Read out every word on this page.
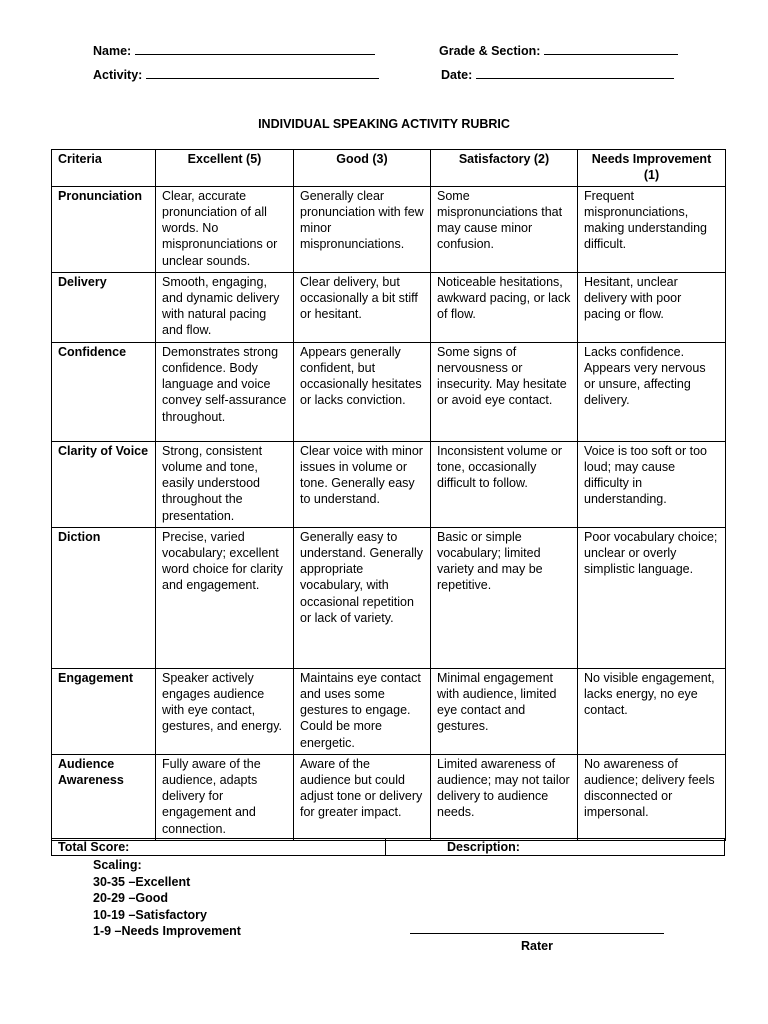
Name:
Activity:
Grade & Section:
Date:
INDIVIDUAL SPEAKING ACTIVITY RUBRIC
Criteria	Excellent (5)	Good (3)	Satisfactory (2)	Needs Improvement (1)
Pronunciation	Clear, accurate pronunciation of all words. No mispronunciations or unclear sounds.	Generally clear pronunciation with few minor mispronunciations.	Some mispronunciations that may cause minor confusion.	Frequent mispronunciations, making understanding difficult.
Delivery	Smooth, engaging, and dynamic delivery with natural pacing and flow.	Clear delivery, but occasionally a bit stiff or hesitant.	Noticeable hesitations, awkward pacing, or lack of flow.	Hesitant, unclear delivery with poor pacing or flow.
Confidence	Demonstrates strong confidence. Body language and voice convey self-assurance throughout.	Appears generally confident, but occasionally hesitates or lacks conviction.	Some signs of nervousness or insecurity. May hesitate or avoid eye contact.	Lacks confidence. Appears very nervous or unsure, affecting delivery.
Clarity of Voice	Strong, consistent volume and tone, easily understood throughout the presentation.	Clear voice with minor issues in volume or tone. Generally easy to understand.	Inconsistent volume or tone, occasionally difficult to follow.	Voice is too soft or too loud; may cause difficulty in understanding.
Diction	Precise, varied vocabulary; excellent word choice for clarity and engagement.	Generally easy to understand. Generally appropriate vocabulary, with occasional repetition or lack of variety.	Basic or simple vocabulary; limited variety and may be repetitive.	Poor vocabulary choice; unclear or overly simplistic language.
Engagement	Speaker actively engages audience with eye contact, gestures, and energy.	Maintains eye contact and uses some gestures to engage. Could be more energetic.	Minimal engagement with audience, limited eye contact and gestures.	No visible engagement, lacks energy, no eye contact.
Audience Awareness	Fully aware of the audience, adapts delivery for engagement and connection.	Aware of the audience but could adjust tone or delivery for greater impact.	Limited awareness of audience; may not tailor delivery to audience needs.	No awareness of audience; delivery feels disconnected or impersonal.
Total Score:	Description:
Scaling:
30-35 –Excellent
20-29 –Good
10-19 –Satisfactory
1-9 –Needs Improvement
Rater
